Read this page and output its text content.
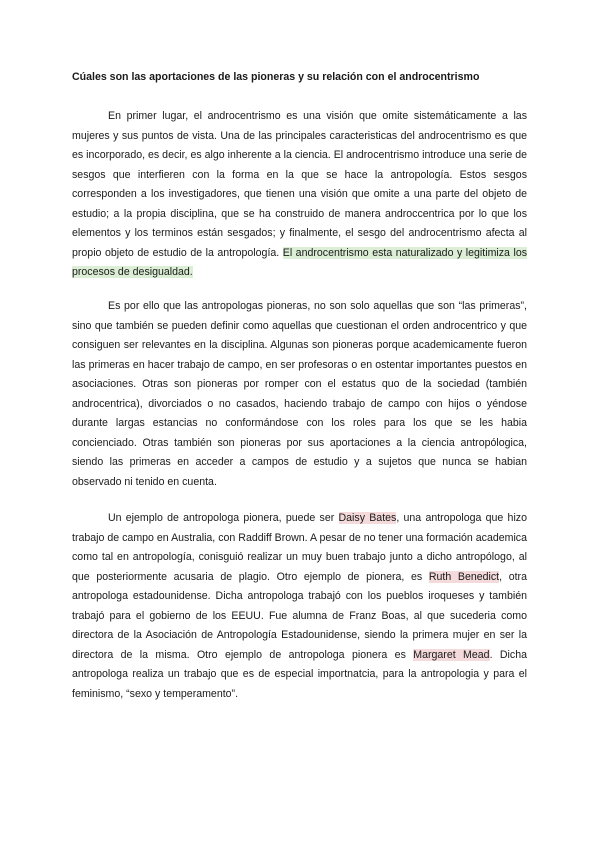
Cúales son las aportaciones de las pioneras y su relación con el androcentrismo

En primer lugar, el androcentrismo es una visión que omite sistemáticamente a las mujeres y sus puntos de vista. Una de las principales caracteristicas del androcentrismo es que es incorporado, es decir, es algo inherente a la ciencia. El androcentrismo introduce una serie de sesgos que interfieren con la forma en la que se hace la antropología. Estos sesgos corresponden a los investigadores, que tienen una visión que omite a una parte del objeto de estudio; a la propia disciplina, que se ha construido de manera androccentrica por lo que los elementos y los terminos están sesgados; y finalmente, el sesgo del androcentrismo afecta al propio objeto de estudio de la antropología. El androcentrismo esta naturalizado y legitimiza los procesos de desigualdad.

Es por ello que las antropologas pioneras, no son solo aquellas que son “las primeras”, sino que también se pueden definir como aquellas que cuestionan el orden androcentrico y que consiguen ser relevantes en la disciplina. Algunas son pioneras porque academicamente fueron las primeras en hacer trabajo de campo, en ser profesoras o en ostentar importantes puestos en asociaciones. Otras son pioneras por romper con el estatus quo de la sociedad (también androcentrica), divorciados o no casados, haciendo trabajo de campo con hijos o yéndose durante largas estancias no conformándose con los roles para los que se les habia concienciado. Otras también son pioneras por sus aportaciones a la ciencia antropólogica, siendo las primeras en acceder a campos de estudio y a sujetos que nunca se habian observado ni tenido en cuenta.

Un ejemplo de antropologa pionera, puede ser Daisy Bates, una antropologa que hizo trabajo de campo en Australia, con Raddiff Brown. A pesar de no tener una formación academica como tal en antropología, conisguió realizar un muy buen trabajo junto a dicho antropólogo, al que posteriormente acusaria de plagio. Otro ejemplo de pionera, es Ruth Benedict, otra antropologa estadounidense. Dicha antropologa trabajó con los pueblos iroqueses y también trabajó para el gobierno de los EEUU. Fue alumna de Franz Boas, al que sucederia como directora de la Asociación de Antropología Estadounidense, siendo la primera mujer en ser la directora de la misma. Otro ejemplo de antropologa pionera es Margaret Mead. Dicha antropologa realiza un trabajo que es de especial importnatcia, para la antropologia y para el feminismo, “sexo y temperamento”.
